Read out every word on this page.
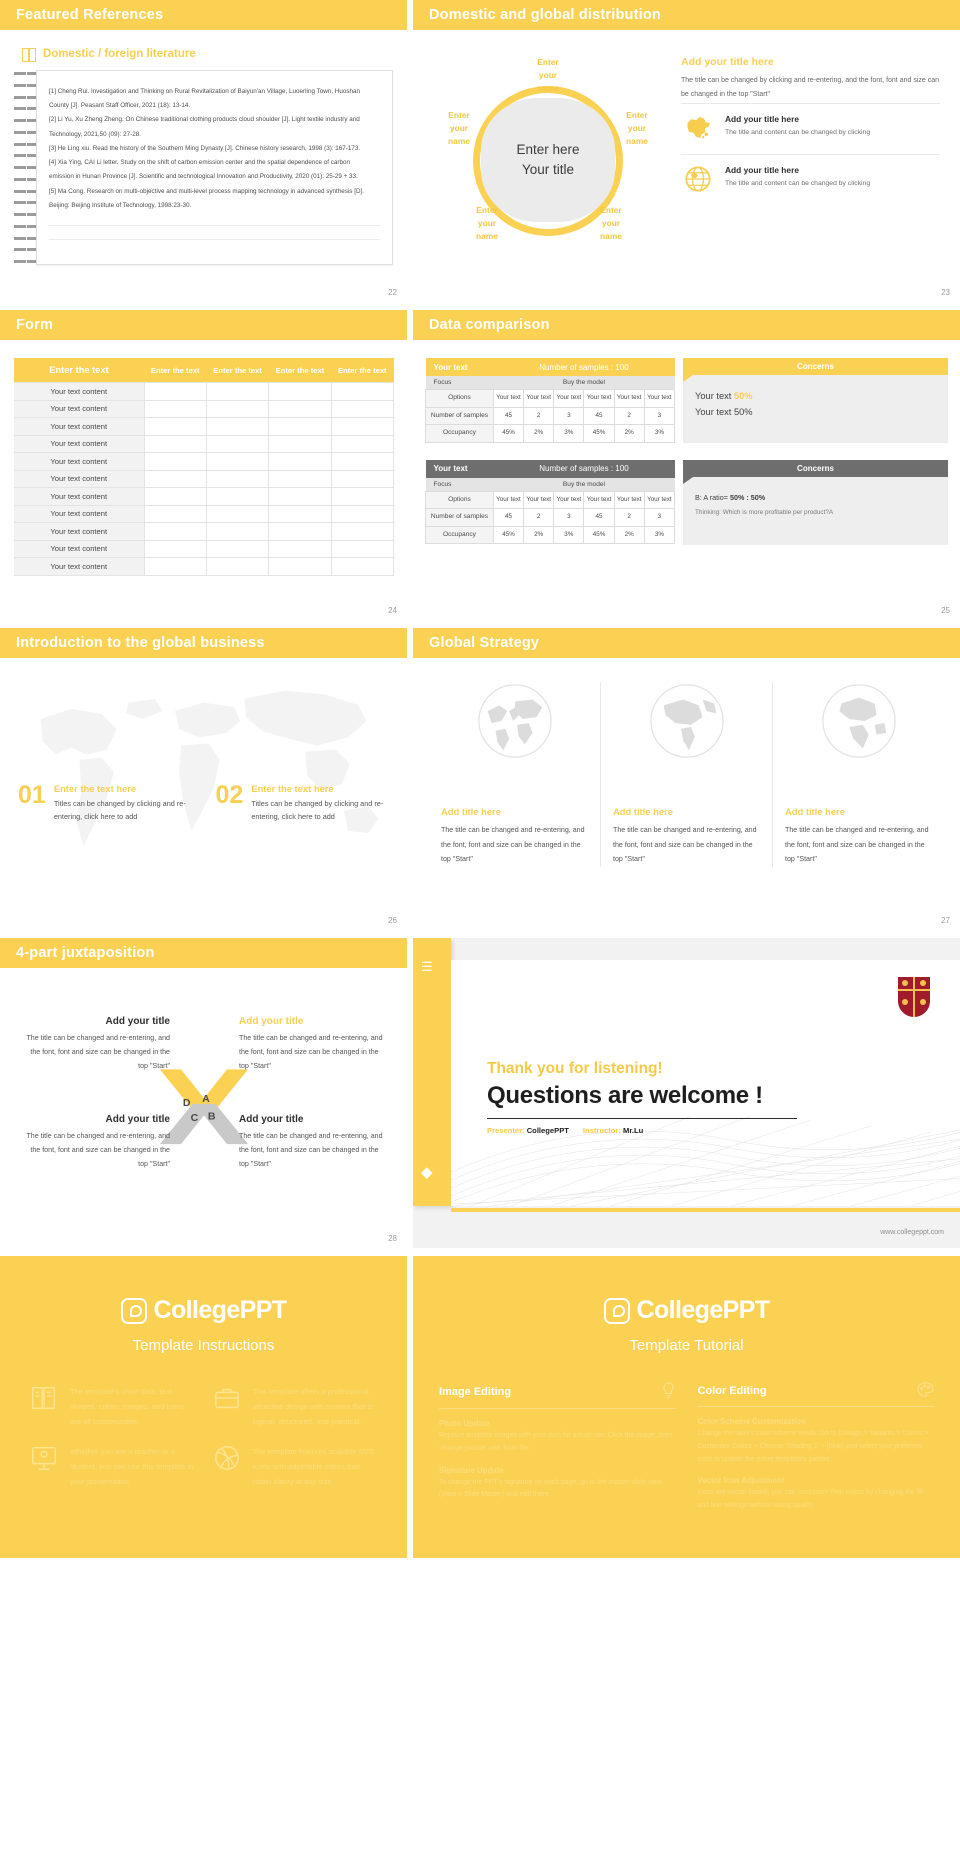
Featured References
Domestic / foreign literature

[1] Cheng Rui. Investigation and Thinking on Rural Revitalization of Baiyun'an Village, Luoerling Town, Huoshan

County [J]. Peasant Staff Officer, 2021 (18): 13-14.

[2] Li Yu, Xu Zheng Zheng. On Chinese traditional clothing products cloud shoulder [J]. Light textile industry and

Technology, 2021,50 (09): 27-28.

[3] He Ling xiu. Read the history of the Southern Ming Dynasty [J]. Chinese history research, 1998 (3): 167-173.

[4] Xia Ying, CAI Li letter. Study on the shift of carbon emission center and the spatial dependence of carbon

emission in Hunan Province [J]. Scientific and technological Innovation and Productivity, 2020 (01): 25-29 + 33.

[5] Ma Cong. Research on multi-objective and multi-level process mapping technology in advanced synthesis [D].

Beijing: Beijing Institute of Technology, 1998:23-30.

22
Domestic and global distribution
Enter here
Your title
Enter
your
name
Enter
your
name
Enter
your
name
Enter
your
name
Enter
your
name
Add your title here
The title can be changed by clicking and re-entering, and the font, font and size can be changed in the top "Start"
Add your title here

The title and content can be changed by clicking

Add your title here

The title and content can be changed by clicking

23
Form
Enter the text	Enter the text	Enter the text	Enter the text	Enter the text
Your text content				
Your text content				
Your text content				
Your text content				
Your text content				
Your text content				
Your text content				
Your text content				
Your text content				
Your text content				
Your text content				
24
Data comparison
Your text	Number of samples : 100					
Focus	Buy the model					
Options	Your text	Your text	Your text	Your text	Your text	Your text
Number of samples	45	2	3	45	2	3
Occupancy	45%	2%	3%	45%	2%	3%
Your text	Number of samples : 100					
Focus	Buy the model					
Options	Your text	Your text	Your text	Your text	Your text	Your text
Number of samples	45	2	3	45	2	3
Occupancy	45%	2%	3%	45%	2%	3%
Concerns
Your text 50%
Your text 50%
Concerns
B: A ratio= 50% : 50%
Thinking: Which is more profitable per product?A
25
Introduction to the global business
01 Enter the text here

Titles can be changed by clicking and re-entering, click here to add

02 Enter the text here

Titles can be changed by clicking and re-entering, click here to add

26
Global Strategy
Add title here

The title can be changed and re-entering, and the font, font and size can be changed in the top "Start"

Add title here

The title can be changed and re-entering, and the font, font and size can be changed in the top "Start"

Add title here

The title can be changed and re-entering, and the font, font and size can be changed in the top "Start"

27
4-part juxtaposition
D A
C B
Add your title

The title can be changed and re-entering, and the font, font and size can be changed in the top "Start"

Add your title

The title can be changed and re-entering, and the font, font and size can be changed in the top "Start"

Add your title

The title can be changed and re-entering, and the font, font and size can be changed in the top "Start"

Add your title

The title can be changed and re-entering, and the font, font and size can be changed in the top "Start"

28
☰
◆
Thank you for listening!
Questions are welcome !
Presenter: CollegePPT Instructor: Mr.Lu
www.collegeppt.com
CollegePPT
Template Instructions

The template's chart data, text, shapes, colors, images, and icons are all customizable.

This template offers a professional, attractive design with content that is logical, structured, and practical.

Whether you are a teacher or a student, you can use this template in your presentation.

The template features scalable SVG icons with adjustable colors that retain clarity at any size.

CollegePPT
Template Tutorial
Image Editing
Photo Update

Replace template images with your own for actual use. Click the image, then 'change picture' and 'from file'.

Signature Update

To change the PPT's signature on each page, go to the master slide view (View > Slide Master) and edit there.

Color Editing
Color Scheme Customization

Change the slide's color scheme easily. Go to [Design > Variants > Colors > Customize Colors > Choose 'Shading 1' > [blue] and select your preferred color to update the entire template's palette.

Vector Icon Adjustment

Icons are vector-based, you can customize their colors by changing the fill and line settings without losing quality.
